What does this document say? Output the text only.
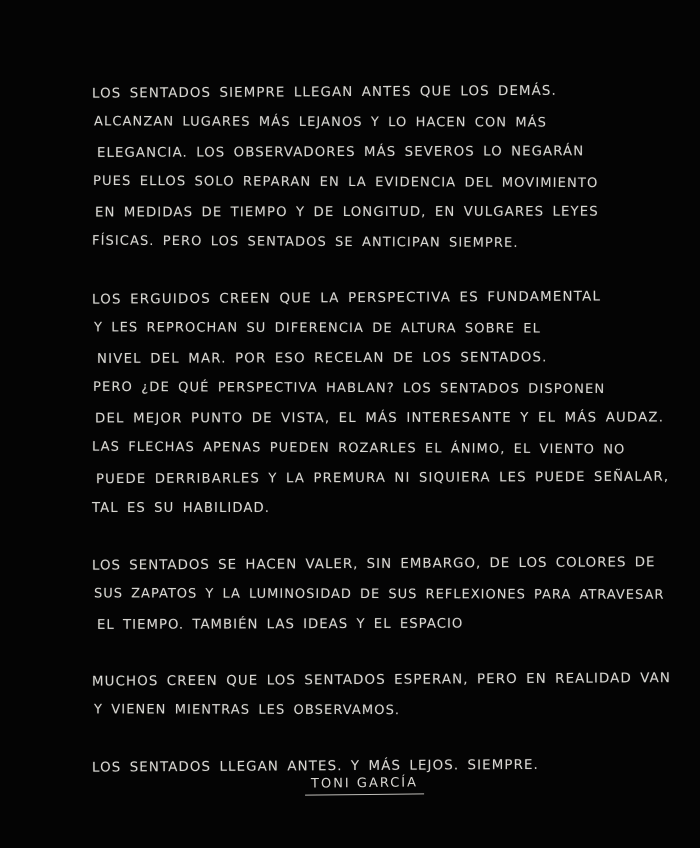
LOS SENTADOS SIEMPRE LLEGAN ANTES QUE LOS DEMÁS.
ALCANZAN LUGARES MÁS LEJANOS Y LO HACEN CON MÁS
ELEGANCIA. LOS OBSERVADORES MÁS SEVEROS LO NEGARÁN
PUES ELLOS SOLO REPARAN EN LA EVIDENCIA DEL MOVIMIENTO
EN MEDIDAS DE TIEMPO Y DE LONGITUD, EN VULGARES LEYES
FÍSICAS. PERO LOS SENTADOS SE ANTICIPAN SIEMPRE.

LOS ERGUIDOS CREEN QUE LA PERSPECTIVA ES FUNDAMENTAL
Y LES REPROCHAN SU DIFERENCIA DE ALTURA SOBRE EL
NIVEL DEL MAR. POR ESO RECELAN DE LOS SENTADOS.
PERO ¿DE QUÉ PERSPECTIVA HABLAN? LOS SENTADOS DISPONEN
DEL MEJOR PUNTO DE VISTA, EL MÁS INTERESANTE Y EL MÁS AUDAZ.
LAS FLECHAS APENAS PUEDEN ROZARLES EL ÁNIMO, EL VIENTO NO
PUEDE DERRIBARLES Y LA PREMURA NI SIQUIERA LES PUEDE SEÑALAR,
TAL ES SU HABILIDAD.

LOS SENTADOS SE HACEN VALER, SIN EMBARGO, DE LOS COLORES DE
SUS ZAPATOS Y LA LUMINOSIDAD DE SUS REFLEXIONES PARA ATRAVESAR
EL TIEMPO. TAMBIÉN LAS IDEAS Y EL ESPACIO

MUCHOS CREEN QUE LOS SENTADOS ESPERAN, PERO EN REALIDAD VAN
Y VIENEN MIENTRAS LES OBSERVAMOS.

LOS SENTADOS LLEGAN ANTES. Y MÁS LEJOS. SIEMPRE.

TONI GARCÍA
